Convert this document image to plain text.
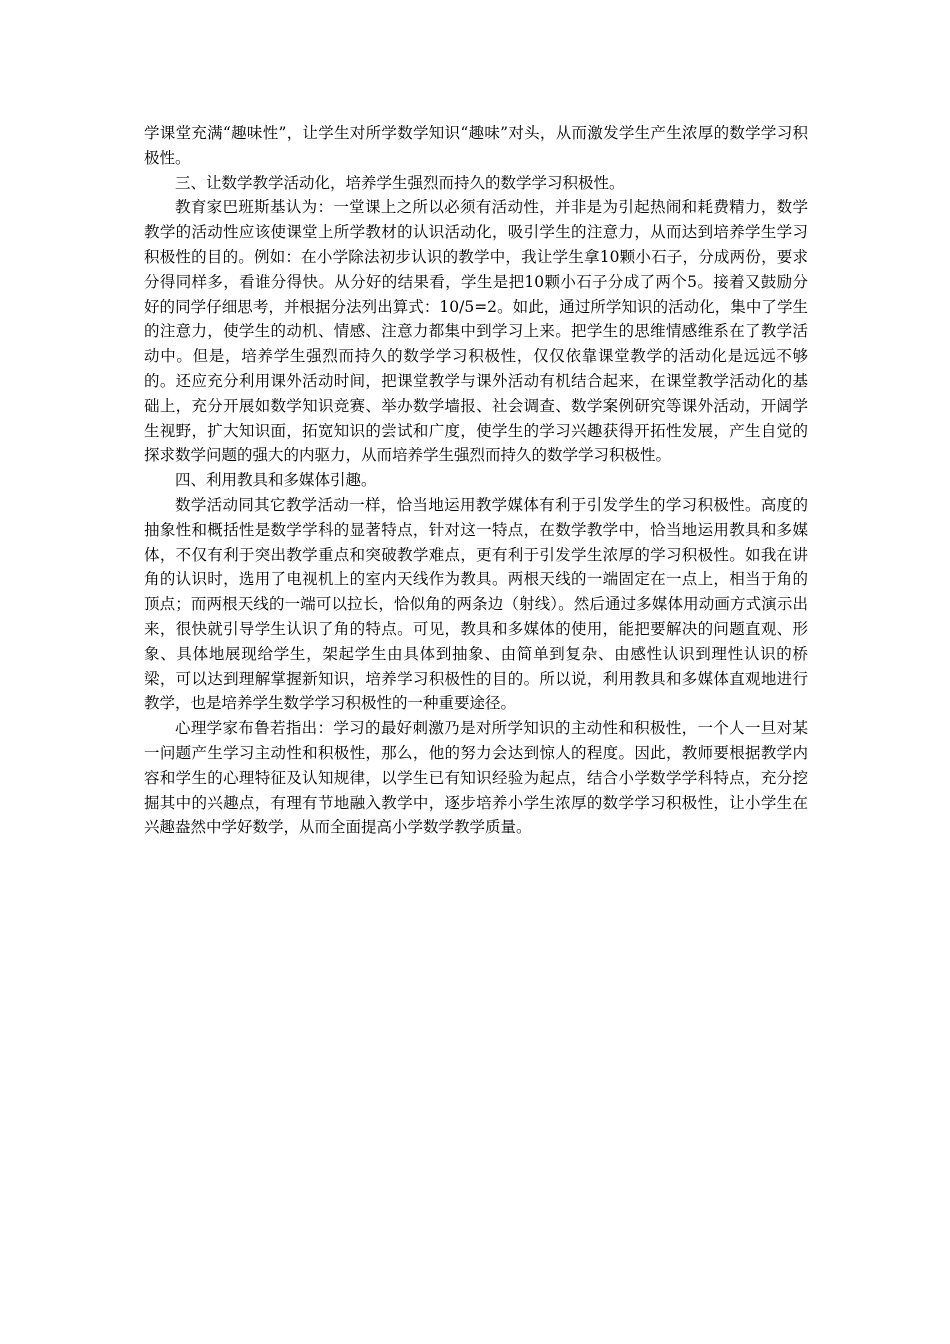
学课堂充满“趣味性”，让学生对所学数学知识“趣味”对头，从而激发学生产生浓厚的数学学习积极性。

三、让数学教学活动化，培养学生强烈而持久的数学学习积极性。

教育家巴班斯基认为：一堂课上之所以必须有活动性，并非是为引起热闹和耗费精力，数学教学的活动性应该使课堂上所学教材的认识活动化，吸引学生的注意力，从而达到培养学生学习积极性的目的。例如：在小学除法初步认识的教学中，我让学生拿10颗小石子，分成两份，要求分得同样多，看谁分得快。从分好的结果看，学生是把10颗小石子分成了两个5。接着又鼓励分好的同学仔细思考，并根据分法列出算式：10/5=2。如此，通过所学知识的活动化，集中了学生的注意力，使学生的动机、情感、注意力都集中到学习上来。把学生的思维情感维系在了教学活动中。但是，培养学生强烈而持久的数学学习积极性，仅仅依靠课堂教学的活动化是远远不够的。还应充分利用课外活动时间，把课堂教学与课外活动有机结合起来，在课堂教学活动化的基础上，充分开展如数学知识竞赛、举办数学墙报、社会调查、数学案例研究等课外活动，开阔学生视野，扩大知识面，拓宽知识的尝试和广度，使学生的学习兴趣获得开拓性发展，产生自觉的探求数学问题的强大的内驱力，从而培养学生强烈而持久的数学学习积极性。

四、利用教具和多媒体引趣。

数学活动同其它教学活动一样，恰当地运用教学媒体有利于引发学生的学习积极性。高度的抽象性和概括性是数学学科的显著特点，针对这一特点，在数学教学中，恰当地运用教具和多媒体，不仅有利于突出教学重点和突破教学难点，更有利于引发学生浓厚的学习积极性。如我在讲角的认识时，选用了电视机上的室内天线作为教具。两根天线的一端固定在一点上，相当于角的顶点；而两根天线的一端可以拉长，恰似角的两条边（射线）。然后通过多媒体用动画方式演示出来，很快就引导学生认识了角的特点。可见，教具和多媒体的使用，能把要解决的问题直观、形象、具体地展现给学生，架起学生由具体到抽象、由简单到复杂、由感性认识到理性认识的桥梁，可以达到理解掌握新知识，培养学习积极性的目的。所以说，利用教具和多媒体直观地进行教学，也是培养学生数学学习积极性的一种重要途径。

心理学家布鲁若指出：学习的最好刺激乃是对所学知识的主动性和积极性，一个人一旦对某一问题产生学习主动性和积极性，那么，他的努力会达到惊人的程度。因此，教师要根据教学内容和学生的心理特征及认知规律，以学生已有知识经验为起点，结合小学数学学科特点，充分挖掘其中的兴趣点，有理有节地融入教学中，逐步培养小学生浓厚的数学学习积极性，让小学生在兴趣盎然中学好数学，从而全面提高小学数学教学质量。
